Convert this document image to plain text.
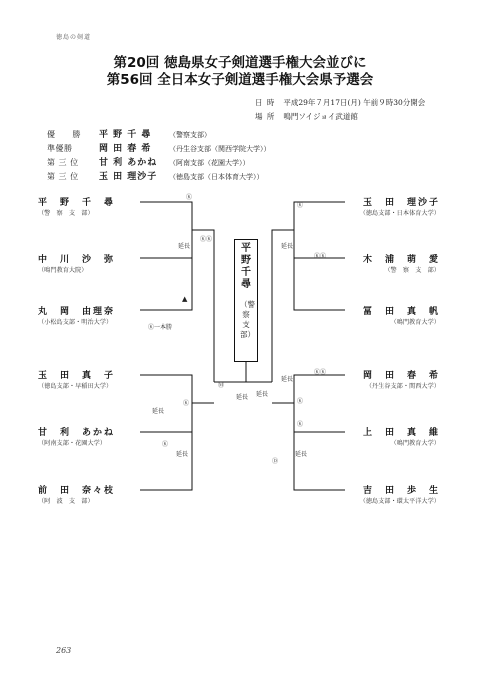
徳島の剣道
第20回 徳島県女子剣道選手権大会並びに
第56回 全日本女子剣道選手権大会県予選会
日 時 平成29年７月17日(月) 午前９時30分開会
場 所 鳴門ソイジョイ武道館
優　　勝 平 野 千 尋	（警察支部）
準優勝	岡 田 春 希	（丹生谷支部（関西学院大学））
第 三 位 甘 利 あかね （阿南支部（花園大学））
第 三 位 玉 田 理沙子 （徳島支部（日本体育大学））
Ⓚ
ⓀⓀ
延長
Ⓚ一本勝
Ⓜ
延長
Ⓚ
延長
Ⓚ
延長
Ⓚ
延長
ⓀⓀ
ⓀⓀ
Ⓚ
延長
延長
Ⓓ
Ⓚ
延長
▲
平　野　千　尋
（警　察　支　部）
中　川　沙　弥
（鳴門教育大院）
丸　岡　由理奈
（小松島支部・明治大学）
玉　田　真　子
（徳島支部・早稲田大学）
甘　利　あかね
（阿南支部・花園大学）
前　田　奈々枝
（阿　波　支　部）
玉　田　理沙子
（徳島支部・日本体育大学）
木　浦　萌　愛
（警　察　支　部）
冨　田　真　帆
（鳴門教育大学）
岡　田　春　希
（丹生谷支部・関西大学）
上　田　真　維
（鳴門教育大学）
吉　田　歩　生
（徳島支部・環太平洋大学）
平野千尋
（警察支部）
263
